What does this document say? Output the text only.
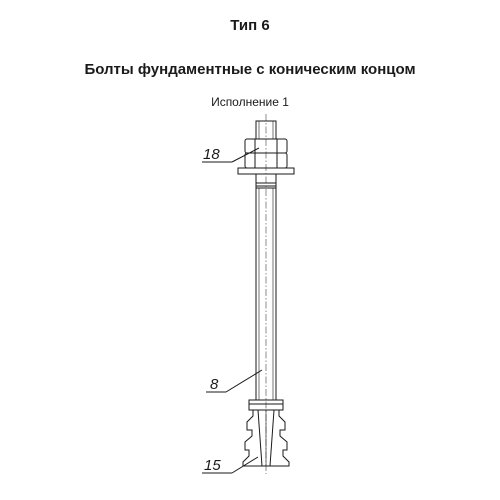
Тип 6
Болты фундаментные с коническим концом
Исполнение 1
18
8
15
